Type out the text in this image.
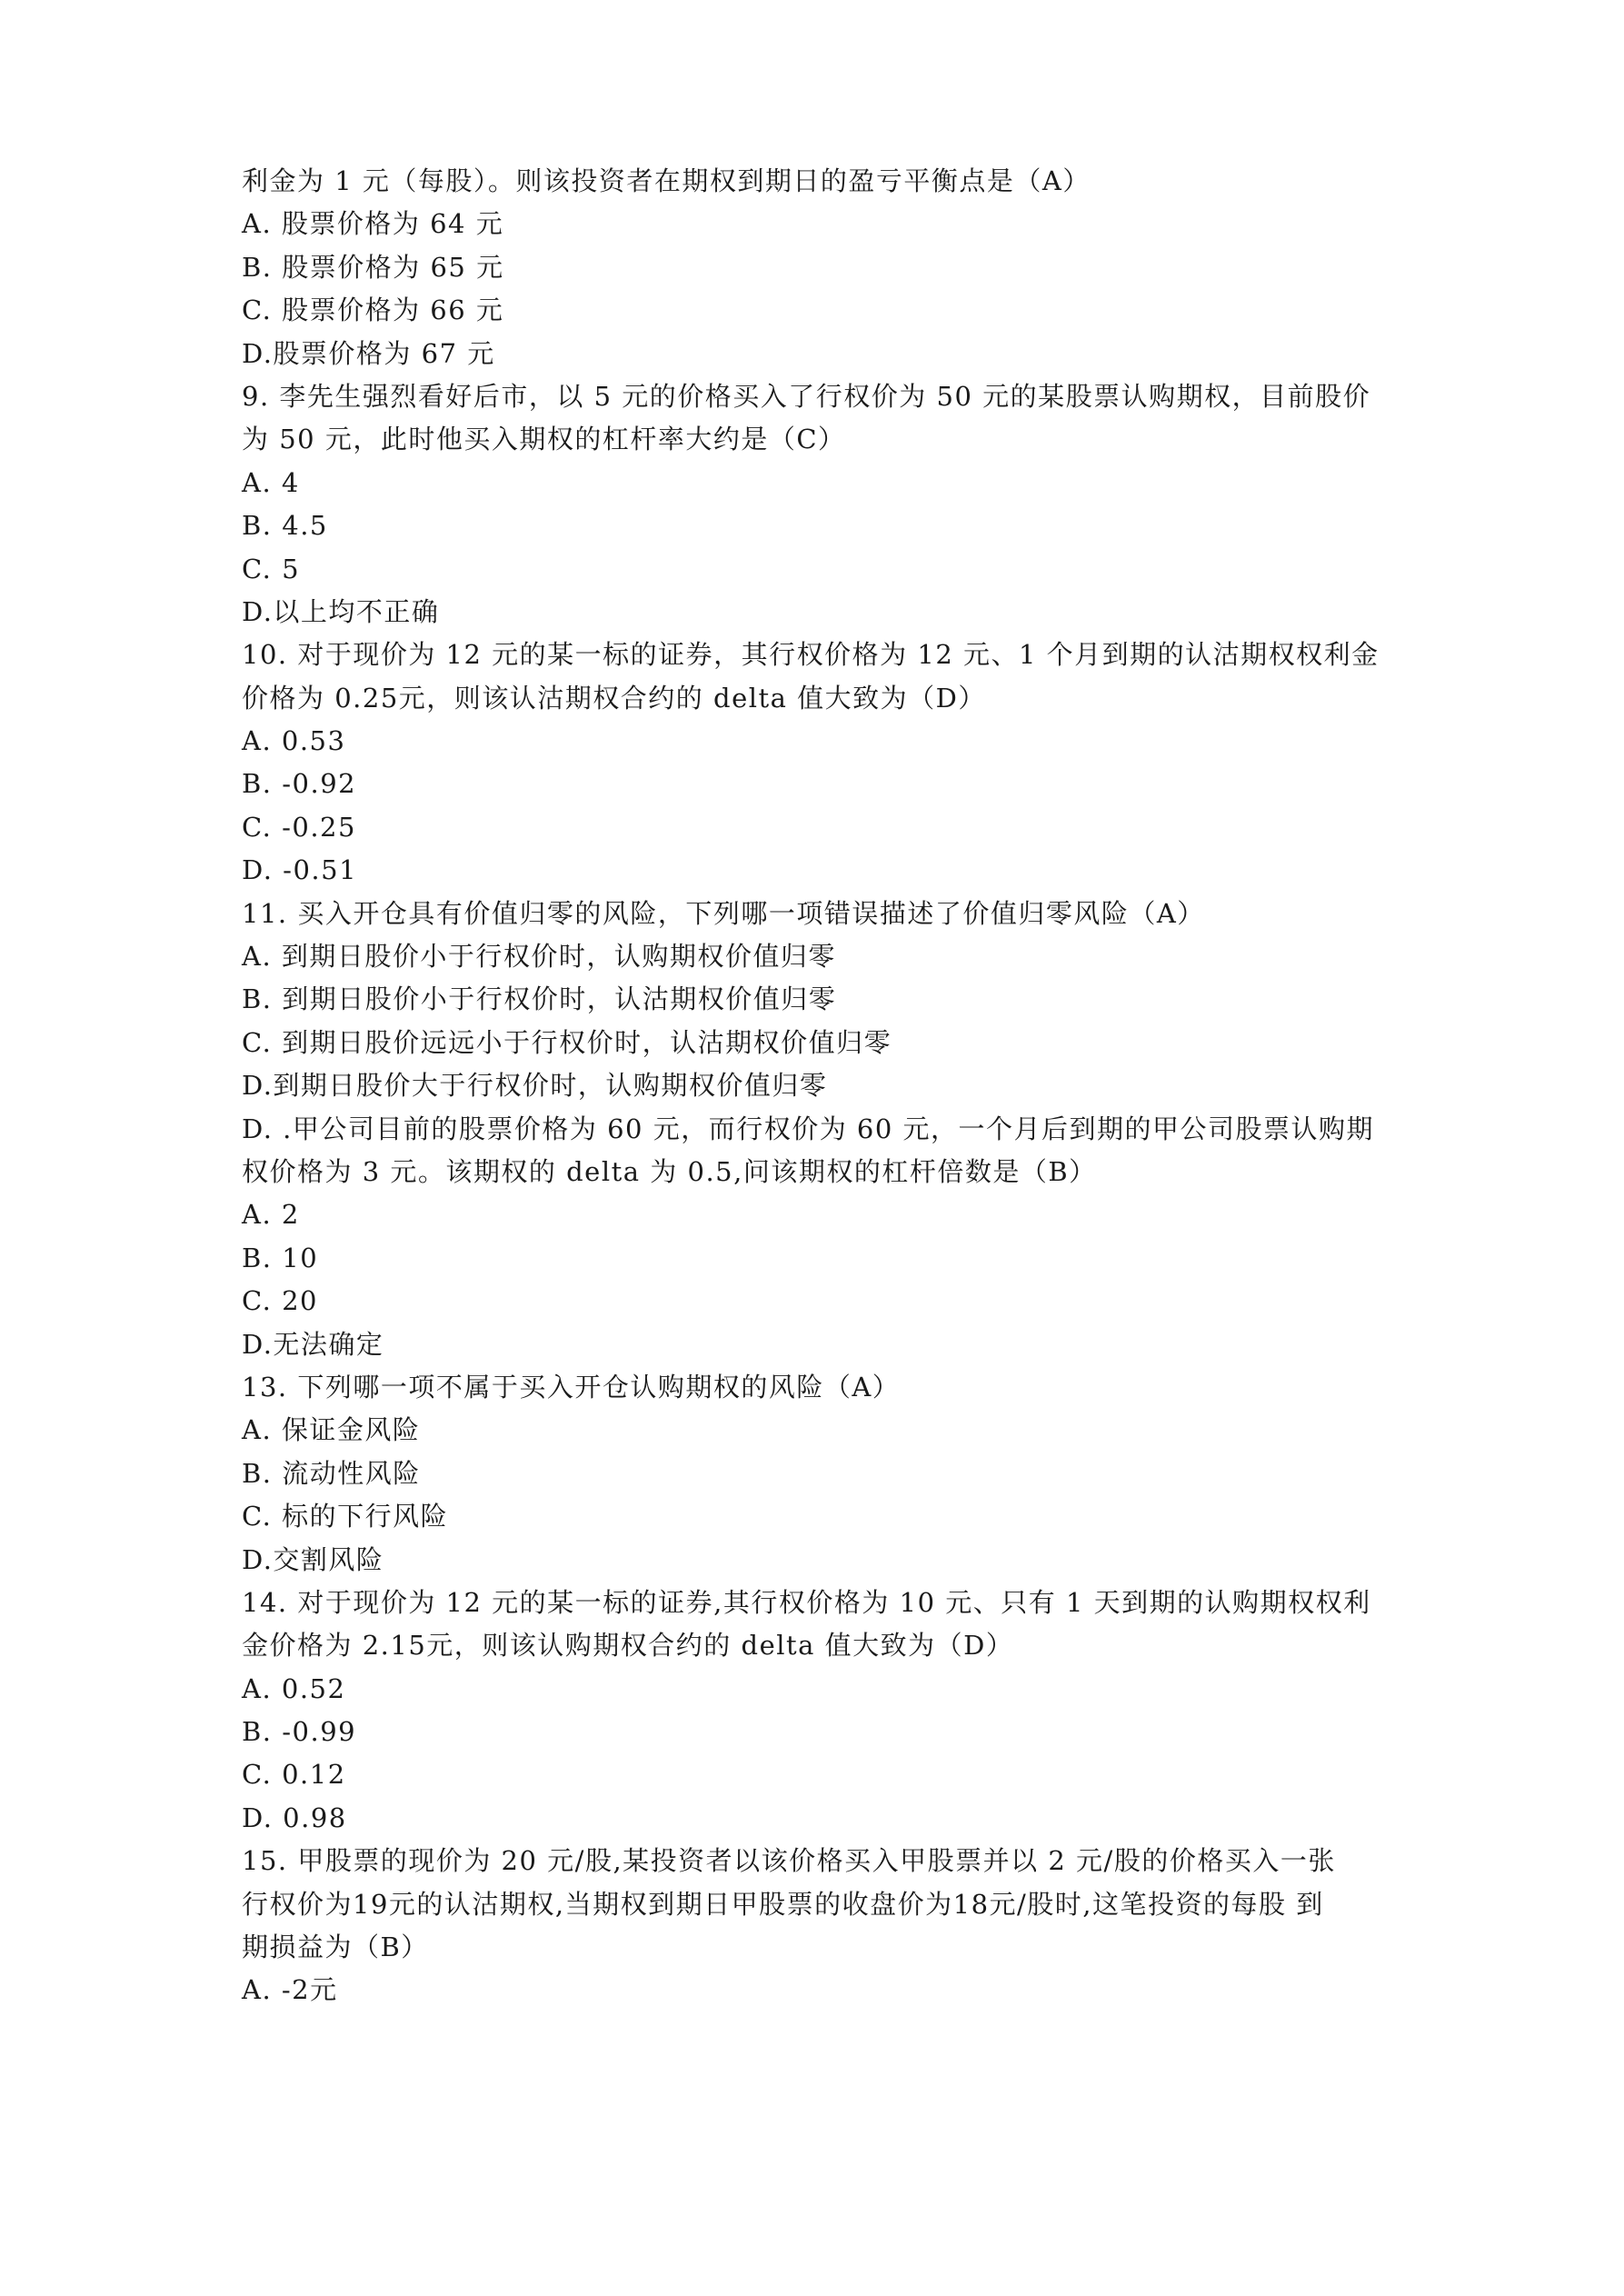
利金为 1 元（每股）。则该投资者在期权到期日的盈亏平衡点是（A）
A. 股票价格为 64 元
B. 股票价格为 65 元
C. 股票价格为 66 元
D.股票价格为 67 元
9. 李先生强烈看好后市，以 5 元的价格买入了行权价为 50 元的某股票认购期权，目前股价
为 50 元，此时他买入期权的杠杆率大约是（C）
A. 4
B. 4.5
C. 5
D.以上均不正确
10. 对于现价为 12 元的某一标的证券，其行权价格为 12 元、1 个月到期的认沽期权权利金
价格为 0.25元，则该认沽期权合约的 delta 值大致为（D）
A. 0.53
B. -0.92
C. -0.25
D. -0.51
11. 买入开仓具有价值归零的风险，下列哪一项错误描述了价值归零风险（A）
A. 到期日股价小于行权价时，认购期权价值归零
B. 到期日股价小于行权价时，认沽期权价值归零
C. 到期日股价远远小于行权价时，认沽期权价值归零
D.到期日股价大于行权价时，认购期权价值归零
D. .甲公司目前的股票价格为 60 元，而行权价为 60 元，一个月后到期的甲公司股票认购期
权价格为 3 元。该期权的 delta 为 0.5,问该期权的杠杆倍数是（B）
A. 2
B. 10
C. 20
D.无法确定
13. 下列哪一项不属于买入开仓认购期权的风险（A）
A. 保证金风险
B. 流动性风险
C. 标的下行风险
D.交割风险
14. 对于现价为 12 元的某一标的证券,其行权价格为 10 元、只有 1 天到期的认购期权权利
金价格为 2.15元，则该认购期权合约的 delta 值大致为（D）
A. 0.52
B. -0.99
C. 0.12
D. 0.98
15. 甲股票的现价为 20 元/股,某投资者以该价格买入甲股票并以 2 元/股的价格买入一张
行权价为19元的认沽期权,当期权到期日甲股票的收盘价为18元/股时,这笔投资的每股 到
期损益为（B）
A. -2元
